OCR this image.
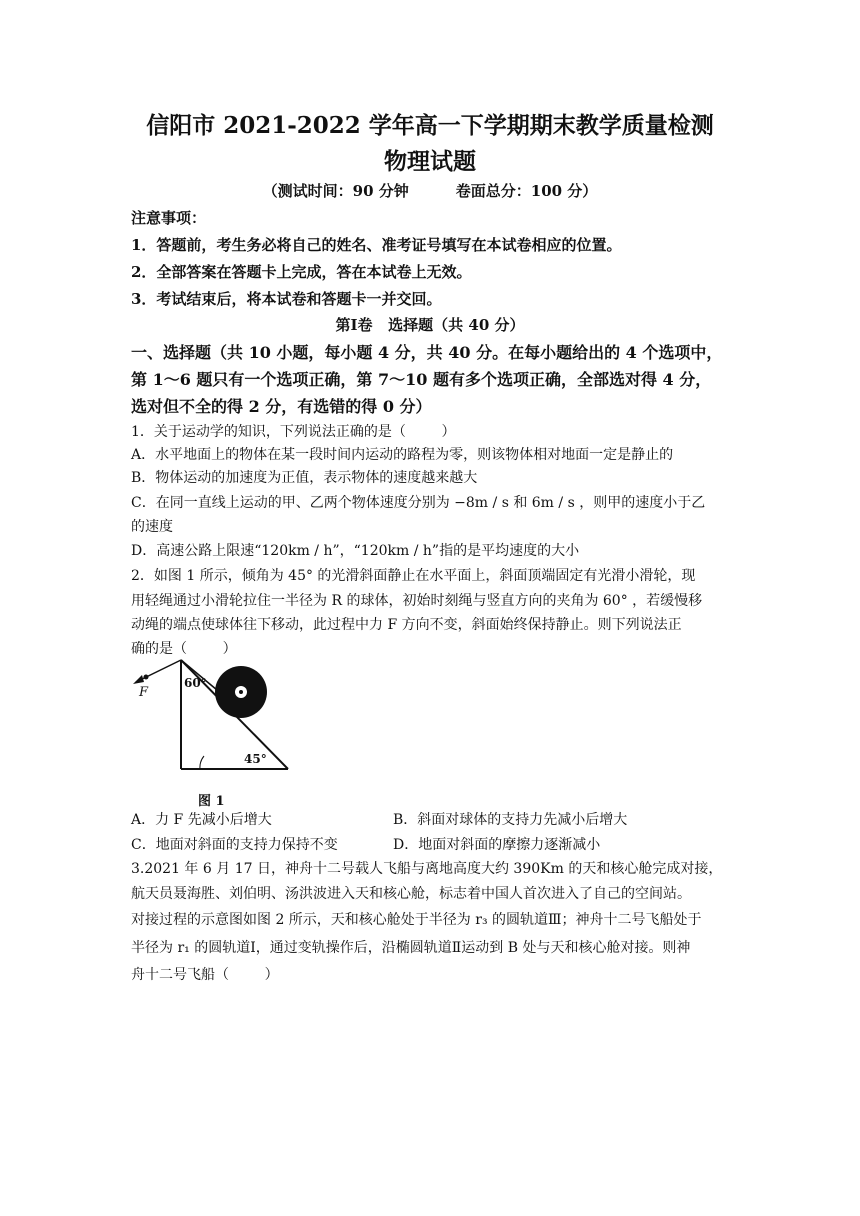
信阳市 2021-2022 学年高一下学期期末教学质量检测
物理试题
（测试时间：90 分钟         卷面总分：100 分）
注意事项：
1．答题前，考生务必将自己的姓名、准考证号填写在本试卷相应的位置。
2．全部答案在答题卡上完成，答在本试卷上无效。
3．考试结束后，将本试卷和答题卡一并交回。
第Ⅰ卷   选择题（共 40 分）
一、选择题（共 10 小题，每小题 4 分，共 40 分。在每小题给出的 4 个选项中，
第 1～6 题只有一个选项正确，第 7～10 题有多个选项正确，全部选对得 4 分，
选对但不全的得 2 分，有选错的得 0 分）
1．关于运动学的知识，下列说法正确的是（        ）
A．水平地面上的物体在某一段时间内运动的路程为零，则该物体相对地面一定是静止的
B．物体运动的加速度为正值，表示物体的速度越来越大
C．在同一直线上运动的甲、乙两个物体速度分别为 −8m / s 和 6m / s ，则甲的速度小于乙
的速度
D．高速公路上限速“120km / h”，“120km / h”指的是平均速度的大小
2．如图 1 所示，倾角为 45° 的光滑斜面静止在水平面上，斜面顶端固定有光滑小滑轮，现
用轻绳通过小滑轮拉住一半径为 R 的球体，初始时刻绳与竖直方向的夹角为 60° ，若缓慢移
动绳的端点使球体往下移动，此过程中力 F 方向不变，斜面始终保持静止。则下列说法正
确的是（        ）
F
60°
45°
图 1
A．力 F 先减小后增大	B．斜面对球体的支持力先减小后增大
C．地面对斜面的支持力保持不变	D．地面对斜面的摩擦力逐渐减小
3.2021 年 6 月 17 日，神舟十二号载人飞船与离地高度大约 390Km 的天和核心舱完成对接，
航天员聂海胜、刘伯明、汤洪波进入天和核心舱，标志着中国人首次进入了自己的空间站。
对接过程的示意图如图 2 所示，天和核心舱处于半径为 r₃ 的圆轨道Ⅲ；神舟十二号飞船处于
半径为 r₁ 的圆轨道Ⅰ，通过变轨操作后，沿椭圆轨道Ⅱ运动到 B 处与天和核心舱对接。则神
舟十二号飞船（        ）
